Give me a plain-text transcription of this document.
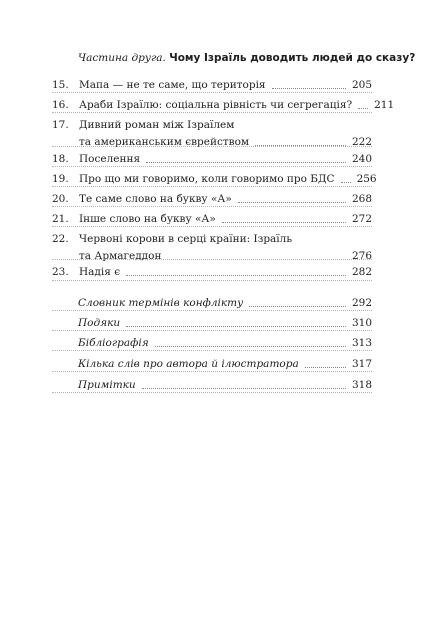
Частина друга. Чому Ізраїль доводить людей до сказу?
15. Мапа — не те саме, що територія	205
16. Араби Ізраїлю: соціальна рівність чи сегрегація? 211
17. Дивний роман між Ізраїлем
та американським єврейством	222
18. Поселення	240
19. Про що ми говоримо, коли говоримо про БДС 256
20. Те саме слово на букву «А»	268
21. Інше слово на букву «А»	272
22. Червоні корови в серці країни: Ізраїль
та Армагеддон	276
23. Надія є	282
Словник термінів конфлікту	292
Подяки	310
Бібліографія	313
Кілька слів про автора й ілюстратора	317
Примітки	318
